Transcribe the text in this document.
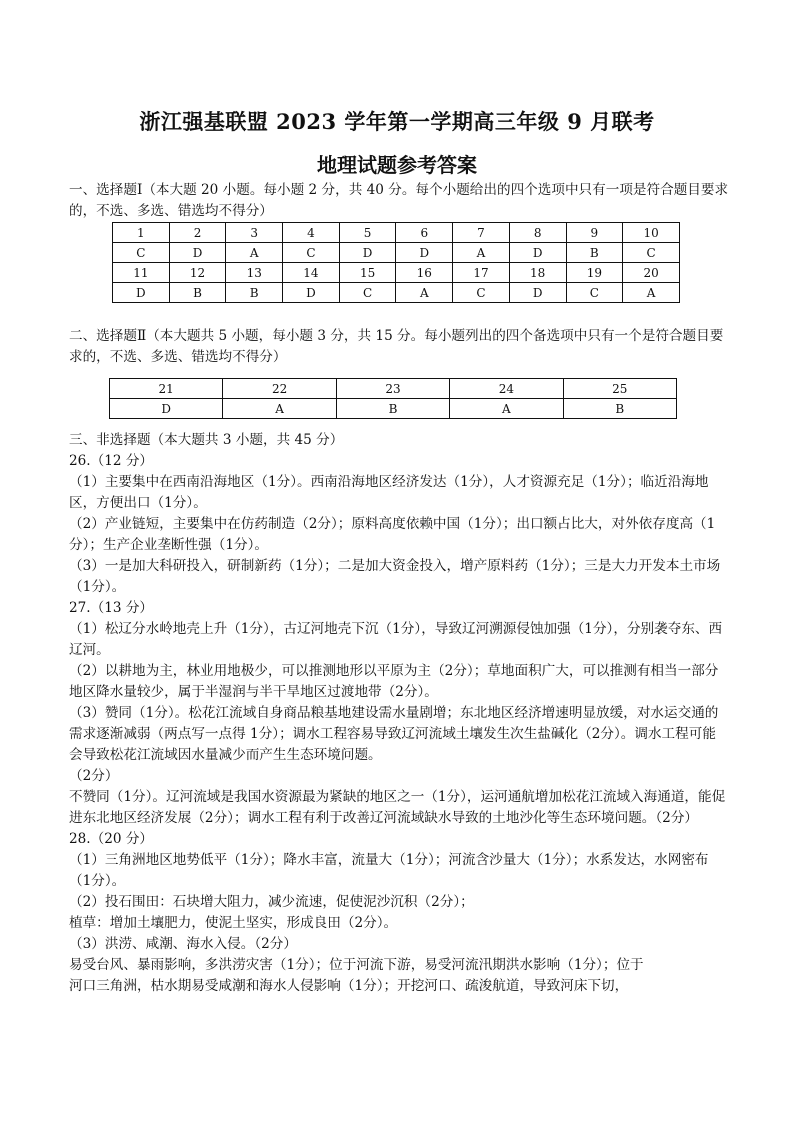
浙江强基联盟 2023 学年第一学期高三年级 9 月联考
地理试题参考答案

一、选择题Ⅰ（本大题 20 小题。每小题 2 分，共 40 分。每个小题给出的四个选项中只有一项是符合题目要求的，不选、多选、错选均不得分）

1	2	3	4	5	6	7	8	9	10
C	D	A	C	D	D	A	D	B	C
11	12	13	14	15	16	17	18	19	20
D	B	B	D	C	A	C	D	C	A

二、选择题Ⅱ（本大题共 5 小题，每小题 3 分，共 15 分。每小题列出的四个备选项中只有一个是符合题目要求的，不选、多选、错选均不得分）

21	22	23	24	25
D	A	B	A	B

三、非选择题（本大题共 3 小题，共 45 分）

26.（12 分）

（1）主要集中在西南沿海地区（1分）。西南沿海地区经济发达（1分），人才资源充足（1分）；临近沿海地区，方便出口（1分）。

（2）产业链短，主要集中在仿药制造（2分）；原料高度依赖中国（1分）；出口额占比大，对外依存度高（1分）；生产企业垄断性强（1分）。

（3）一是加大科研投入，研制新药（1分）；二是加大资金投入，增产原料药（1分）；三是大力开发本土市场（1分）。

27.（13 分）

（1）松辽分水岭地壳上升（1分），古辽河地壳下沉（1分），导致辽河溯源侵蚀加强（1分），分别袭夺东、西辽河。

（2）以耕地为主，林业用地极少，可以推测地形以平原为主（2分）；草地面积广大，可以推测有相当一部分地区降水量较少，属于半湿润与半干旱地区过渡地带（2分）。

（3）赞同（1分）。松花江流域自身商品粮基地建设需水量剧增；东北地区经济增速明显放缓，对水运交通的需求逐渐减弱（两点写一点得 1分）；调水工程容易导致辽河流域土壤发生次生盐碱化（2分）。调水工程可能会导致松花江流域因水量减少而产生生态环境问题。

（2分）

不赞同（1分）。辽河流域是我国水资源最为紧缺的地区之一（1分），运河通航增加松花江流域入海通道，能促进东北地区经济发展（2分）；调水工程有利于改善辽河流域缺水导致的土地沙化等生态环境问题。（2分）

28.（20 分）

（1）三角洲地区地势低平（1分）；降水丰富，流量大（1分）；河流含沙量大（1分）；水系发达，水网密布（1分）。

（2）投石围田：石块增大阻力，减少流速，促使泥沙沉积（2分）；

植草：增加土壤肥力，使泥土坚实，形成良田（2分）。

（3）洪涝、咸潮、海水入侵。（2分）

易受台风、暴雨影响，多洪涝灾害（1分）；位于河流下游，易受河流汛期洪水影响（1分）；位于

河口三角洲，枯水期易受咸潮和海水人侵影响（1分）；开挖河口、疏浚航道，导致河床下切，
